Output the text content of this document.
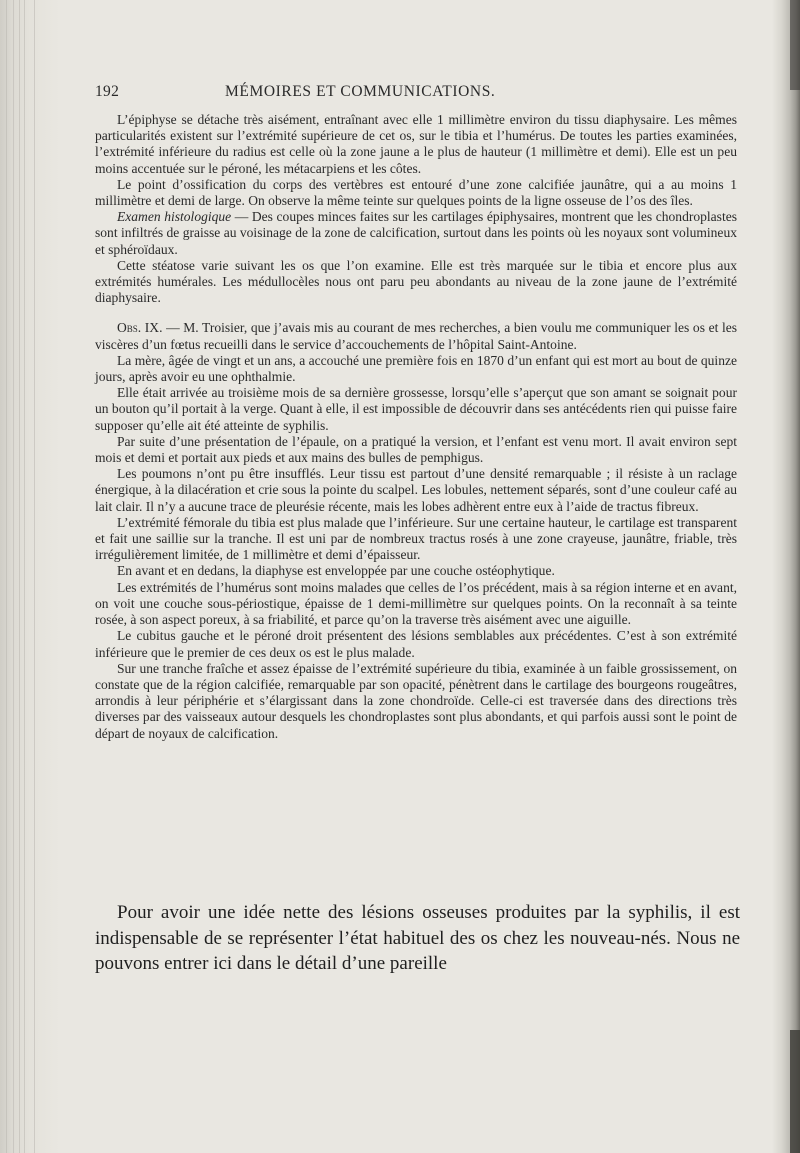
192	MÉMOIRES ET COMMUNICATIONS.

L’épiphyse se détache très aisément, entraînant avec elle 1 millimètre environ du tissu diaphysaire. Les mêmes particularités existent sur l’extrémité supérieure de cet os, sur le tibia et l’humérus. De toutes les parties examinées, l’extrémité inférieure du radius est celle où la zone jaune a le plus de hauteur (1 millimètre et demi). Elle est un peu moins accentuée sur le péroné, les métacarpiens et les côtes.

Le point d’ossification du corps des vertèbres est entouré d’une zone calcifiée jaunâtre, qui a au moins 1 millimètre et demi de large. On observe la même teinte sur quelques points de la ligne osseuse de l’os des îles.

Examen histologique — Des coupes minces faites sur les cartilages épiphysaires, montrent que les chondroplastes sont infiltrés de graisse au voisinage de la zone de calcification, surtout dans les points où les noyaux sont volumineux et sphéroïdaux.

Cette stéatose varie suivant les os que l’on examine. Elle est très marquée sur le tibia et encore plus aux extrémités humérales. Les médullocèles nous ont paru peu abondants au niveau de la zone jaune de l’extrémité diaphysaire.

Obs. IX. — M. Troisier, que j’avais mis au courant de mes recherches, a bien voulu me communiquer les os et les viscères d’un fœtus recueilli dans le service d’accouchements de l’hôpital Saint-Antoine.

La mère, âgée de vingt et un ans, a accouché une première fois en 1870 d’un enfant qui est mort au bout de quinze jours, après avoir eu une ophthalmie.

Elle était arrivée au troisième mois de sa dernière grossesse, lorsqu’elle s’aperçut que son amant se soignait pour un bouton qu’il portait à la verge. Quant à elle, il est impossible de découvrir dans ses antécédents rien qui puisse faire supposer qu’elle ait été atteinte de syphilis.

Par suite d’une présentation de l’épaule, on a pratiqué la version, et l’enfant est venu mort. Il avait environ sept mois et demi et portait aux pieds et aux mains des bulles de pemphigus.

Les poumons n’ont pu être insufflés. Leur tissu est partout d’une densité remarquable ; il résiste à un raclage énergique, à la dilacération et crie sous la pointe du scalpel. Les lobules, nettement séparés, sont d’une couleur café au lait clair. Il n’y a aucune trace de pleurésie récente, mais les lobes adhèrent entre eux à l’aide de tractus fibreux.

L’extrémité fémorale du tibia est plus malade que l’inférieure. Sur une certaine hauteur, le cartilage est transparent et fait une saillie sur la tranche. Il est uni par de nombreux tractus rosés à une zone crayeuse, jaunâtre, friable, très irrégulièrement limitée, de 1 millimètre et demi d’épaisseur.

En avant et en dedans, la diaphyse est enveloppée par une couche ostéophytique.

Les extrémités de l’humérus sont moins malades que celles de l’os précédent, mais à sa région interne et en avant, on voit une couche sous-périostique, épaisse de 1 demi-millimètre sur quelques points. On la reconnaît à sa teinte rosée, à son aspect poreux, à sa friabilité, et parce qu’on la traverse très aisément avec une aiguille.

Le cubitus gauche et le péroné droit présentent des lésions semblables aux précédentes. C’est à son extrémité inférieure que le premier de ces deux os est le plus malade.

Sur une tranche fraîche et assez épaisse de l’extrémité supérieure du tibia, examinée à un faible grossissement, on constate que de la région calcifiée, remarquable par son opacité, pénètrent dans le cartilage des bourgeons rougeâtres, arrondis à leur périphérie et s’élargissant dans la zone chondroïde. Celle-ci est traversée dans des directions très diverses par des vaisseaux autour desquels les chondroplastes sont plus abondants, et qui parfois aussi sont le point de départ de noyaux de calcification.

Pour avoir une idée nette des lésions osseuses produites par la syphilis, il est indispensable de se représenter l’état habituel des os chez les nouveau-nés. Nous ne pouvons entrer ici dans le détail d’une pareille
